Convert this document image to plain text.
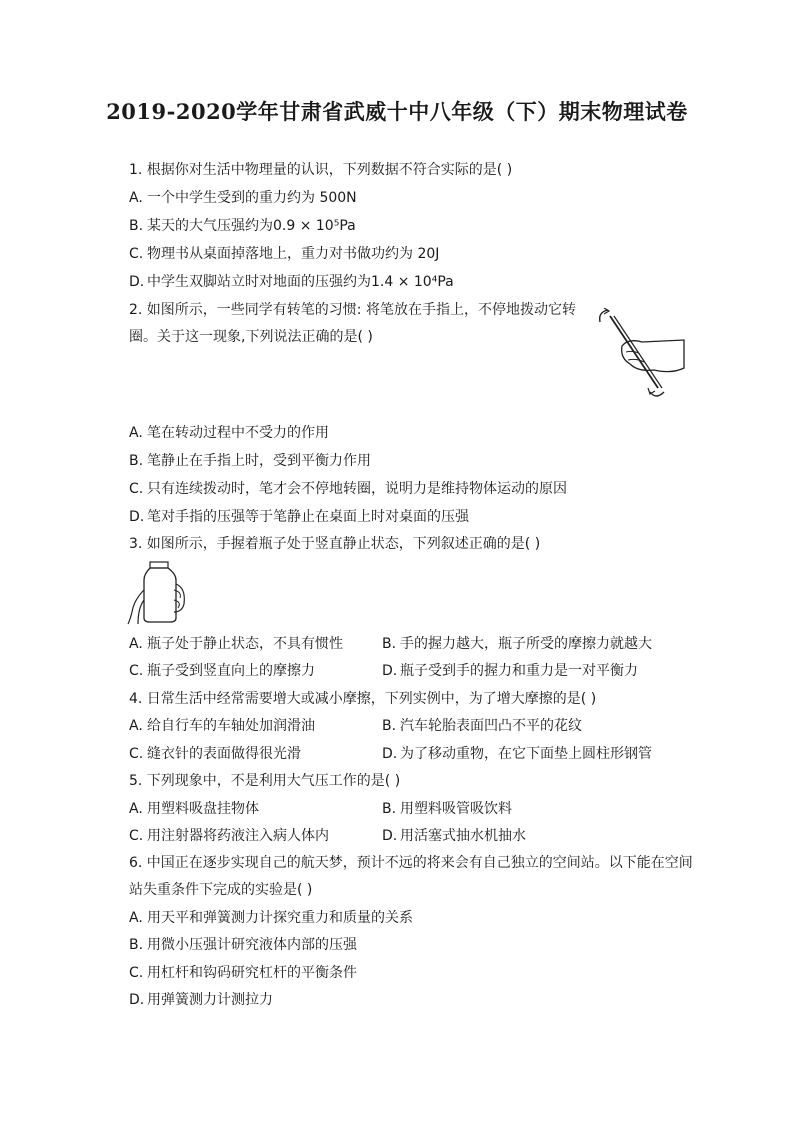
2019-2020学年甘肃省武威十中八年级（下）期末物理试卷
1. 根据你对生活中物理量的认识，下列数据不符合实际的是( )
A. 一个中学生受到的重力约为 500N
B. 某天的大气压强约为0.9 × 10⁵Pa
C. 物理书从桌面掉落地上，重力对书做功约为 20J
D. 中学生双脚站立时对地面的压强约为1.4 × 10⁴Pa
2. 如图所示，一些同学有转笔的习惯: 将笔放在手指上，不停地拨动它转
圈。关于这一现象,下列说法正确的是( )
A. 笔在转动过程中不受力的作用
B. 笔静止在手指上时，受到平衡力作用
C. 只有连续拨动时，笔才会不停地转圈，说明力是维持物体运动的原因
D. 笔对手指的压强等于笔静止在桌面上时对桌面的压强
3. 如图所示，手握着瓶子处于竖直静止状态，下列叙述正确的是( )
A. 瓶子处于静止状态，不具有惯性	B. 手的握力越大，瓶子所受的摩擦力就越大
C. 瓶子受到竖直向上的摩擦力	D. 瓶子受到手的握力和重力是一对平衡力
4. 日常生活中经常需要增大或减小摩擦，下列实例中，为了增大摩擦的是( )
A. 给自行车的车轴处加润滑油	B. 汽车轮胎表面凹凸不平的花纹
C. 缝衣针的表面做得很光滑	D. 为了移动重物，在它下面垫上圆柱形钢管
5. 下列现象中，不是利用大气压工作的是( )
A. 用塑料吸盘挂物体	B. 用塑料吸管吸饮料
C. 用注射器将药液注入病人体内	D. 用活塞式抽水机抽水
6. 中国正在逐步实现自己的航天梦，预计不远的将来会有自己独立的空间站。以下能在空间
站失重条件下完成的实验是( )
A. 用天平和弹簧测力计探究重力和质量的关系
B. 用微小压强计研究液体内部的压强
C. 用杠杆和钩码研究杠杆的平衡条件
D. 用弹簧测力计测拉力
